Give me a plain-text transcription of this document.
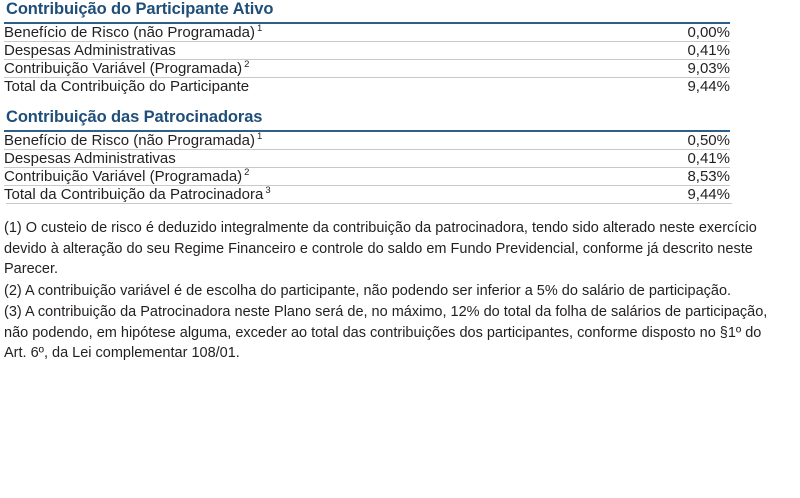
Contribuição do Participante Ativo
Benefício de Risco (não Programada) $^1$	0,00%
Despesas Administrativas	0,41%
Contribuição Variável (Programada) $^2$	9,03%
Total da Contribuição do Participante	9,44%
Contribuição das Patrocinadoras
Benefício de Risco (não Programada) $^1$	0,50%
Despesas Administrativas	0,41%
Contribuição Variável (Programada) $^2$	8,53%
Total da Contribuição da Patrocinadora $^3$	9,44%
(1) O custeio de risco é deduzido integralmente da contribuição da patrocinadora, tendo sido alterado neste exercício devido à alteração do seu Regime Financeiro e controle do saldo em Fundo Previdencial, conforme já descrito neste Parecer.
(2) A contribuição variável é de escolha do participante, não podendo ser inferior a 5% do salário de participação.
(3) A contribuição da Patrocinadora neste Plano será de, no máximo, 12% do total da folha de salários de participação, não podendo, em hipótese alguma, exceder ao total das contribuições dos participantes, conforme disposto no §1º do Art. 6º, da Lei complementar 108/01.
